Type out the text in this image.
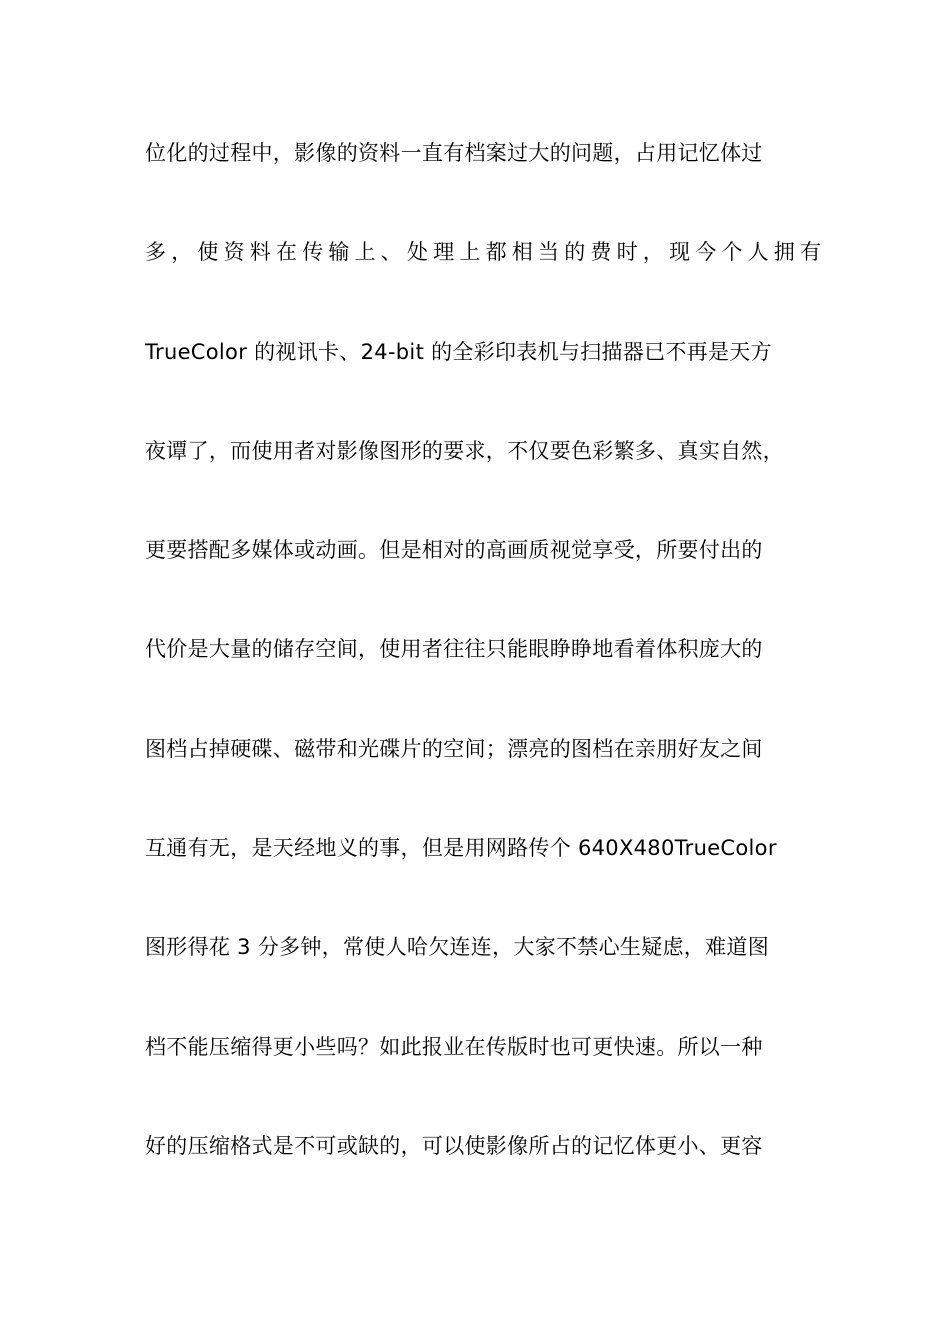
位化的过程中，影像的资料一直有档案过大的问题，占用记忆体过
多，使资料在传输上、处理上都相当的费时，现今个人拥有
TrueColor 的视讯卡、24-bit 的全彩印表机与扫描器已不再是天方
夜谭了，而使用者对影像图形的要求，不仅要色彩繁多、真实自然，
更要搭配多媒体或动画。但是相对的高画质视觉享受，所要付出的
代价是大量的储存空间，使用者往往只能眼睁睁地看着体积庞大的
图档占掉硬碟、磁带和光碟片的空间；漂亮的图档在亲朋好友之间
互通有无，是天经地义的事，但是用网路传个 640X480TrueColor
图形得花 3 分多钟，常使人哈欠连连，大家不禁心生疑虑，难道图
档不能压缩得更小些吗？如此报业在传版时也可更快速。所以一种
好的压缩格式是不可或缺的，可以使影像所占的记忆体更小、更容
